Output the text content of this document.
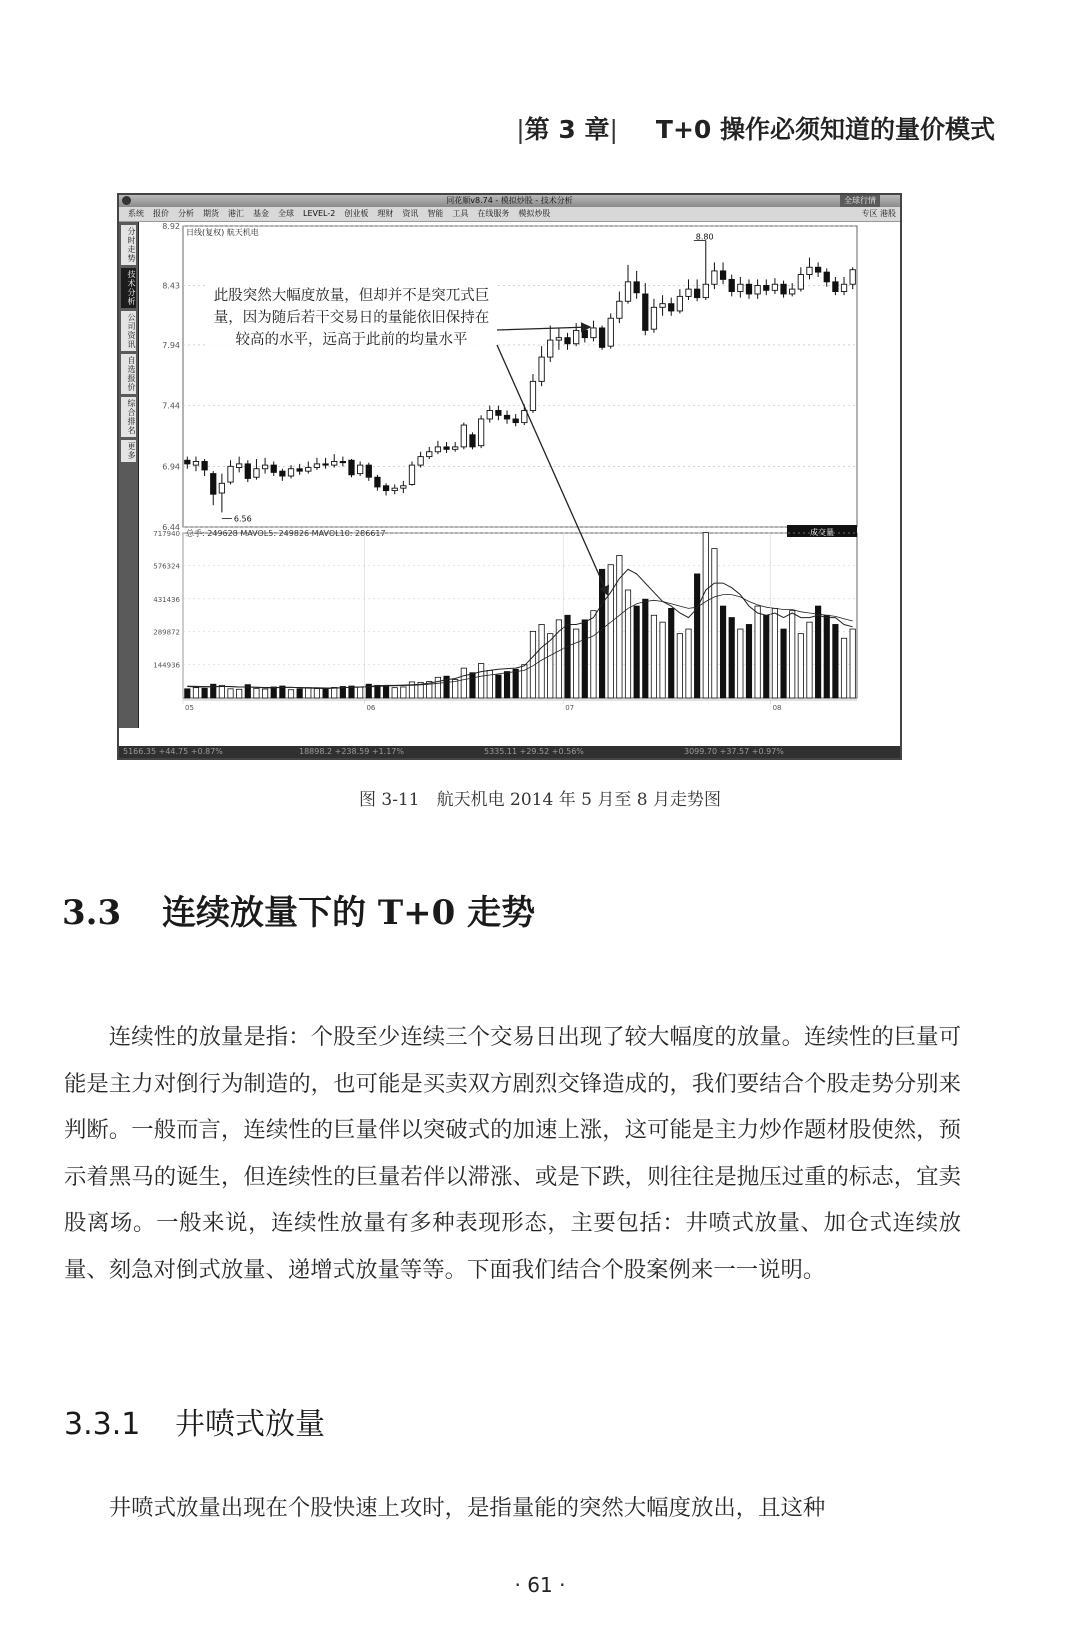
|第 3 章| T+0 操作必须知道的量价模式
同花顺v8.74 - 模拟炒股 - 技术分析	全球行情
系统 报价 分析 期货 港汇 基金 全球 LEVEL-2 创业板 理财 资讯 智能 工具 在线服务 模拟炒股	专区 港股
分时走势
技术分析
公司资讯
自选报价
综合排名
更多
8.92
8.43
7.94
7.44
6.94
6.44
日线(复权) 航天机电
8.80
6.56
总手: 249628 MAVOL5: 249826 MAVOL10: 286617	成交量
717940
576324
431436
289872
144936
05	06	07	08
5166.35 +44.75 +0.87%	18898.2 +238.59 +1.17%	5335.11 +29.52 +0.56%	3099.70 +37.57 +0.97%
此股突然大幅度放量，但却并不是突兀式巨量，因为随后若干交易日的量能依旧保持在较高的水平，远高于此前的均量水平
图 3-11　航天机电 2014 年 5 月至 8 月走势图
3.3 连续放量下的 T+0 走势
连续性的放量是指：个股至少连续三个交易日出现了较大幅度的放量。连续性的巨量可能是主力对倒行为制造的，也可能是买卖双方剧烈交锋造成的，我们要结合个股走势分别来判断。一般而言，连续性的巨量伴以突破式的加速上涨，这可能是主力炒作题材股使然，预示着黑马的诞生，但连续性的巨量若伴以滞涨、或是下跌，则往往是抛压过重的标志，宜卖股离场。一般来说，连续性放量有多种表现形态，主要包括：井喷式放量、加仓式连续放量、刻急对倒式放量、递增式放量等等。下面我们结合个股案例来一一说明。
3.3.1 井喷式放量
井喷式放量出现在个股快速上攻时，是指量能的突然大幅度放出，且这种
· 61 ·
